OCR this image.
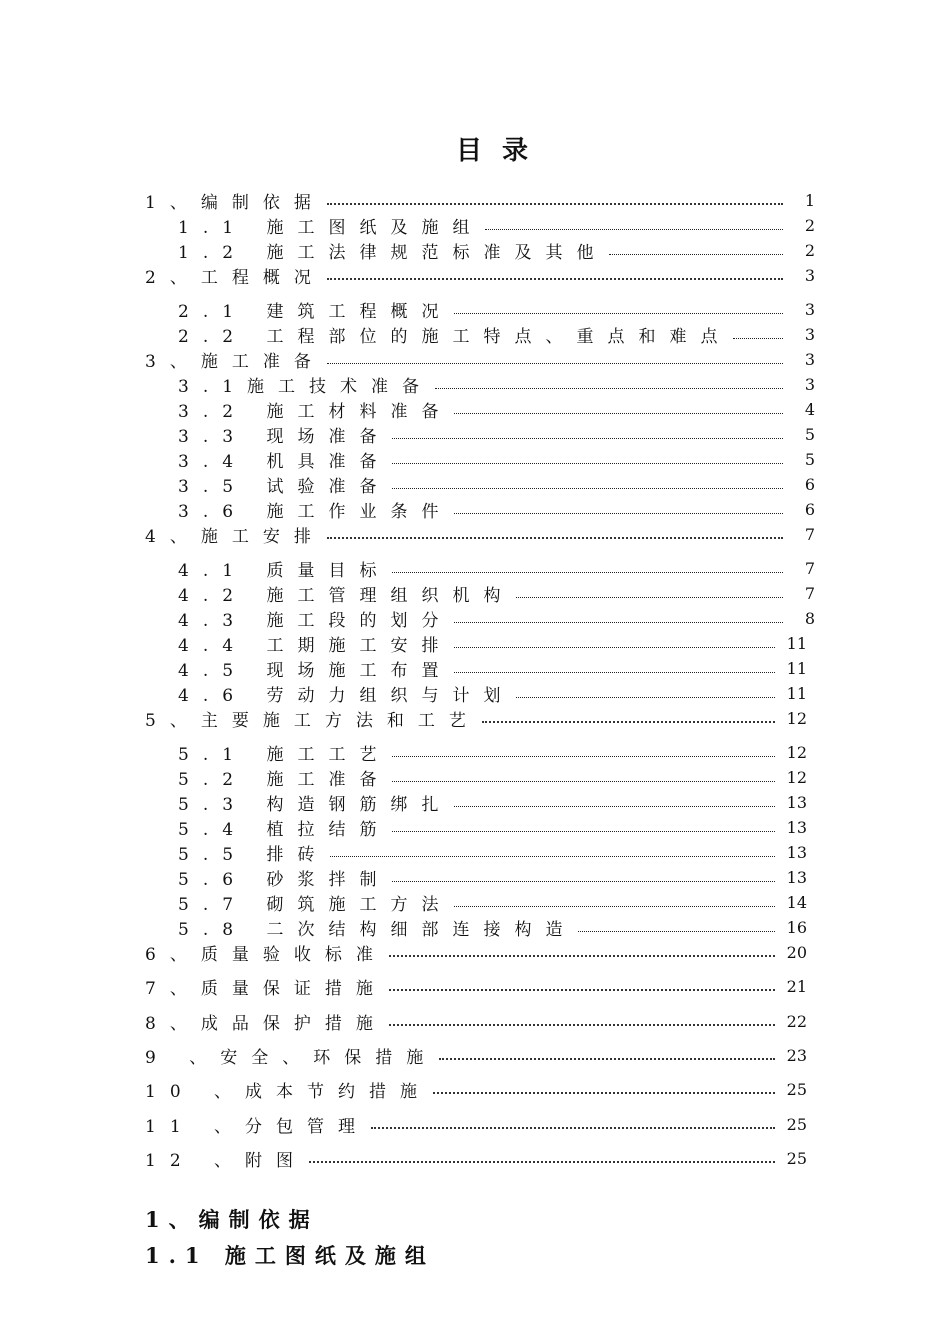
目录
1、编制依据	1
1.1 施工图纸及施组	2
1.2 施工法律规范标准及其他	2
2、工程概况	3
2.1 建筑工程概况	3
2.2 工程部位的施工特点、重点和难点	3
3、施工准备	3
3.1施工技术准备	3
3.2 施工材料准备	4
3.3 现场准备	5
3.4 机具准备	5
3.5 试验准备	6
3.6 施工作业条件	6
4、施工安排	7
4.1 质量目标	7
4.2 施工管理组织机构	7
4.3 施工段的划分	8
4.4 工期施工安排	11
4.5 现场施工布置	11
4.6 劳动力组织与计划	11
5、主要施工方法和工艺	12
5.1 施工工艺	12
5.2 施工准备	12
5.3 构造钢筋绑扎	13
5.4 植拉结筋	13
5.5 排砖	13
5.6 砂浆拌制	13
5.7 砌筑施工方法	14
5.8 二次结构细部连接构造	16
6、质量验收标准	20
7、质量保证措施	21
8、成品保护措施	22
9 、安全、环保措施	23
10 、成本节约措施	25
11 、分包管理	25
12 、附图	25
1、编制依据
1.1 施工图纸及施组
